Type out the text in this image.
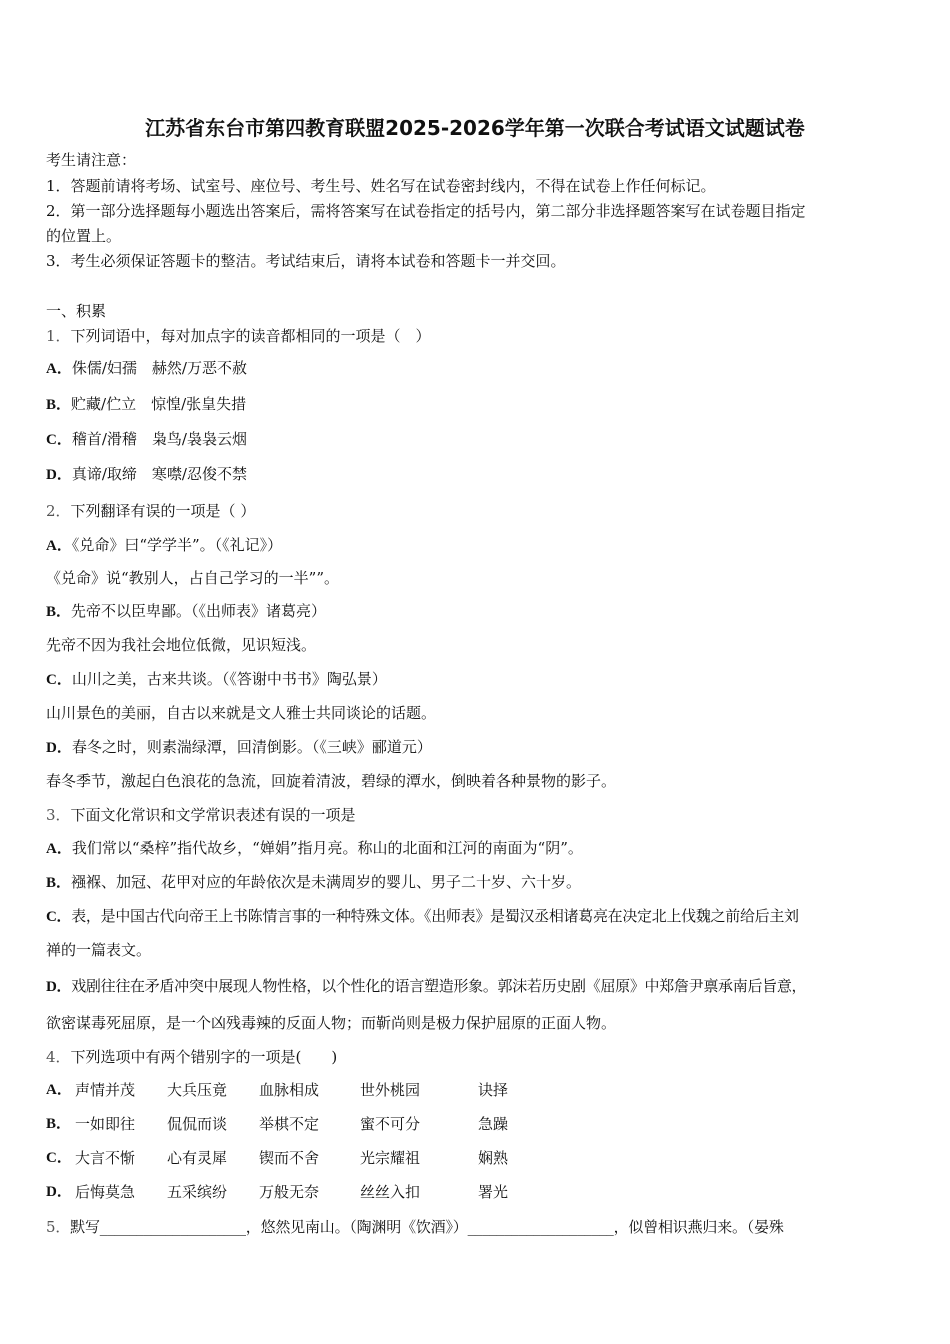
江苏省东台市第四教育联盟2025-2026学年第一次联合考试语文试题试卷
考生请注意：
1．答题前请将考场、试室号、座位号、考生号、姓名写在试卷密封线内，不得在试卷上作任何标记。
2．第一部分选择题每小题选出答案后，需将答案写在试卷指定的括号内，第二部分非选择题答案写在试卷题目指定
的位置上。
3．考生必须保证答题卡的整洁。考试结束后，请将本试卷和答题卡一并交回。
一、积累
1．下列词语中，每对加点字的读音都相同的一项是（　）
A．侏儒/妇孺　赫然/万恶不赦
B．贮藏/伫立　惊惶/张皇失措
C．稽首/滑稽　枭鸟/袅袅云烟
D．真谛/取缔　寒噤/忍俊不禁
2．下列翻译有误的一项是（ ）
A．《兑命》曰“学学半”。（《礼记》）
《兑命》说“教别人，占自己学习的一半””。
B．先帝不以臣卑鄙。（《出师表》诸葛亮）
先帝不因为我社会地位低微，见识短浅。
C．山川之美，古来共谈。（《答谢中书书》陶弘景）
山川景色的美丽，自古以来就是文人雅士共同谈论的话题。
D．春冬之时，则素湍绿潭，回清倒影。（《三峡》郦道元）
春冬季节，激起白色浪花的急流，回旋着清波，碧绿的潭水，倒映着各种景物的影子。
3．下面文化常识和文学常识表述有误的一项是
A．我们常以“桑梓”指代故乡，“婵娟”指月亮。称山的北面和江河的南面为“阴”。
B．襁褓、加冠、花甲对应的年龄依次是未满周岁的婴儿、男子二十岁、六十岁。
C．表，是中国古代向帝王上书陈情言事的一种特殊文体。《出师表》是蜀汉丞相诸葛亮在决定北上伐魏之前给后主刘
禅的一篇表文。
D．戏剧往往在矛盾冲突中展现人物性格，以个性化的语言塑造形象。郭沫若历史剧《屈原》中郑詹尹禀承南后旨意，
欲密谋毒死屈原，是一个凶残毒辣的反面人物；而靳尚则是极力保护屈原的正面人物。
4．下列选项中有两个错别字的一项是(　　)
A． 声情并茂 大兵压竟 血脉相成	世外桃园	诀择
B． 一如即往 侃侃而谈 举棋不定	蜜不可分	急躁
C． 大言不惭 心有灵犀 锲而不舍	光宗耀祖	娴熟
D． 后悔莫急 五采缤纷 万般无奈	丝丝入扣	署光
5．默写____________________，悠然见南山。（陶渊明《饮酒》）____________________，似曾相识燕归来。（晏殊
